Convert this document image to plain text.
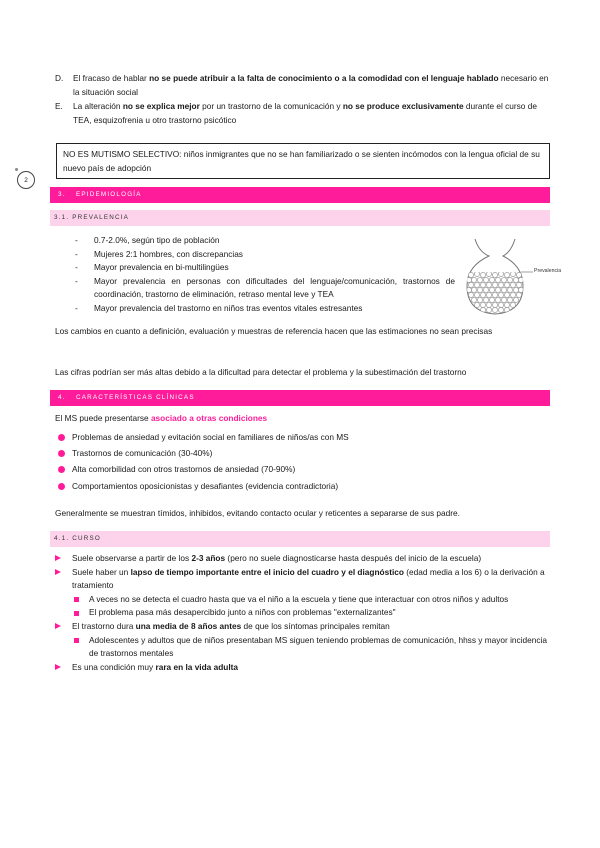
D.	El fracaso de hablar no se puede atribuir a la falta de conocimiento o a la comodidad con el lenguaje hablado necesario en la situación social
E.	La alteración no se explica mejor por un trastorno de la comunicación y no se produce exclusivamente durante el curso de TEA, esquizofrenia u otro trastorno psicótico
NO ES MUTISMO SELECTIVO: niños inmigrantes que no se han familiarizado o se sienten incómodos con la lengua oficial de su nuevo país de adopción
2
3. EPIDEMIOLOGÍA
3.1. PREVALENCIA
-	0.7-2.0%, según tipo de población
-	Mujeres 2:1 hombres, con discrepancias
-	Mayor prevalencia en bi-multilingües
-	Mayor prevalencia en personas con dificultades del lenguaje/comunicación, trastornos de coordinación, trastorno de eliminación, retraso mental leve y TEA
-	Mayor prevalencia del trastorno en niños tras eventos vitales estresantes
Prevalencia
Los cambios en cuanto a definición, evaluación y muestras de referencia hacen que las estimaciones no sean precisas
Las cifras podrían ser más altas debido a la dificultad para detectar el problema y la subestimación del trastorno
4. CARACTERÍSTICAS CLÍNICAS
El MS puede presentarse asociado a otras condiciones
Problemas de ansiedad y evitación social en familiares de niños/as con MS
Trastornos de comunicación (30-40%)
Alta comorbilidad con otros trastornos de ansiedad (70-90%)
Comportamientos oposicionistas y desafiantes (evidencia contradictoria)
Generalmente se muestran tímidos, inhibidos, evitando contacto ocular y reticentes a separarse de sus padre.
4.1. CURSO
Suele observarse a partir de los 2-3 años (pero no suele diagnosticarse hasta después del inicio de la escuela)
Suele haber un lapso de tiempo importante entre el inicio del cuadro y el diagnóstico (edad media a los 6) o la derivación a tratamiento
A veces no se detecta el cuadro hasta que va el niño a la escuela y tiene que interactuar con otros niños y adultos
El problema pasa más desapercibido junto a niños con problemas "externalizantes"
El trastorno dura una media de 8 años antes de que los síntomas principales remitan
Adolescentes y adultos que de niños presentaban MS siguen teniendo problemas de comunicación, hhss y mayor incidencia de trastornos mentales
Es una condición muy rara en la vida adulta
